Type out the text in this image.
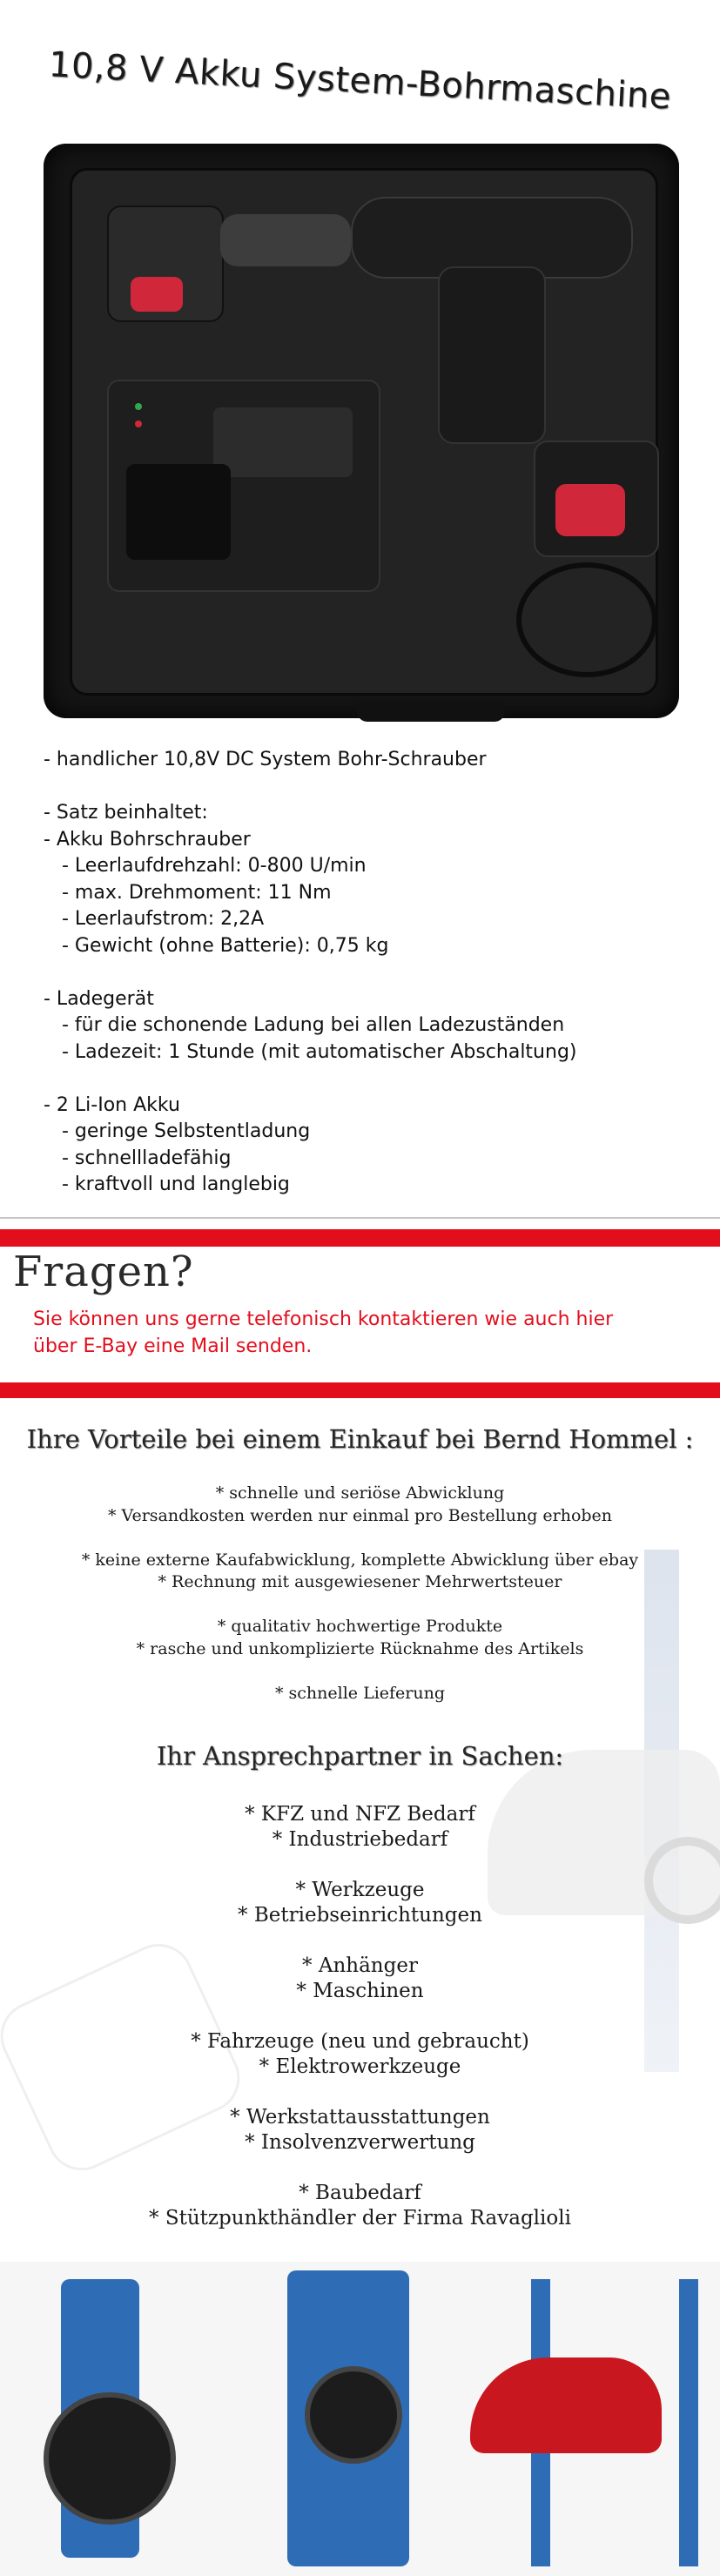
10,8 V Akku System-Bohrmaschine
- handlicher 10,8V DC System Bohr-Schrauber
- Satz beinhaltet:
- Akku Bohrschrauber
- Leerlaufdrehzahl: 0-800 U/min
- max. Drehmoment: 11 Nm
- Leerlaufstrom: 2,2A
- Gewicht (ohne Batterie): 0,75 kg
- Ladegerät
- für die schonende Ladung bei allen Ladezuständen
- Ladezeit: 1 Stunde (mit automatischer Abschaltung)
- 2 Li-Ion Akku
- geringe Selbstentladung
- schnellladefähig
- kraftvoll und langlebig
Fragen?
Sie können uns gerne telefonisch kontaktieren wie auch hier
über E-Bay eine Mail senden.
Ihre Vorteile bei einem Einkauf bei Bernd Hommel :
* schnelle und seriöse Abwicklung
* Versandkosten werden nur einmal pro Bestellung erhoben

* keine externe Kaufabwicklung, komplette Abwicklung über ebay
* Rechnung mit ausgewiesener Mehrwertsteuer

* qualitativ hochwertige Produkte
* rasche und unkomplizierte Rücknahme des Artikels

* schnelle Lieferung
Ihr Ansprechpartner in Sachen:
* KFZ und NFZ Bedarf
* Industriebedarf

* Werkzeuge
* Betriebseinrichtungen

* Anhänger
* Maschinen

* Fahrzeuge (neu und gebraucht)
* Elektrowerkzeuge

* Werkstattausstattungen
* Insolvenzverwertung

* Baubedarf
* Stützpunkthändler der Firma Ravaglioli
